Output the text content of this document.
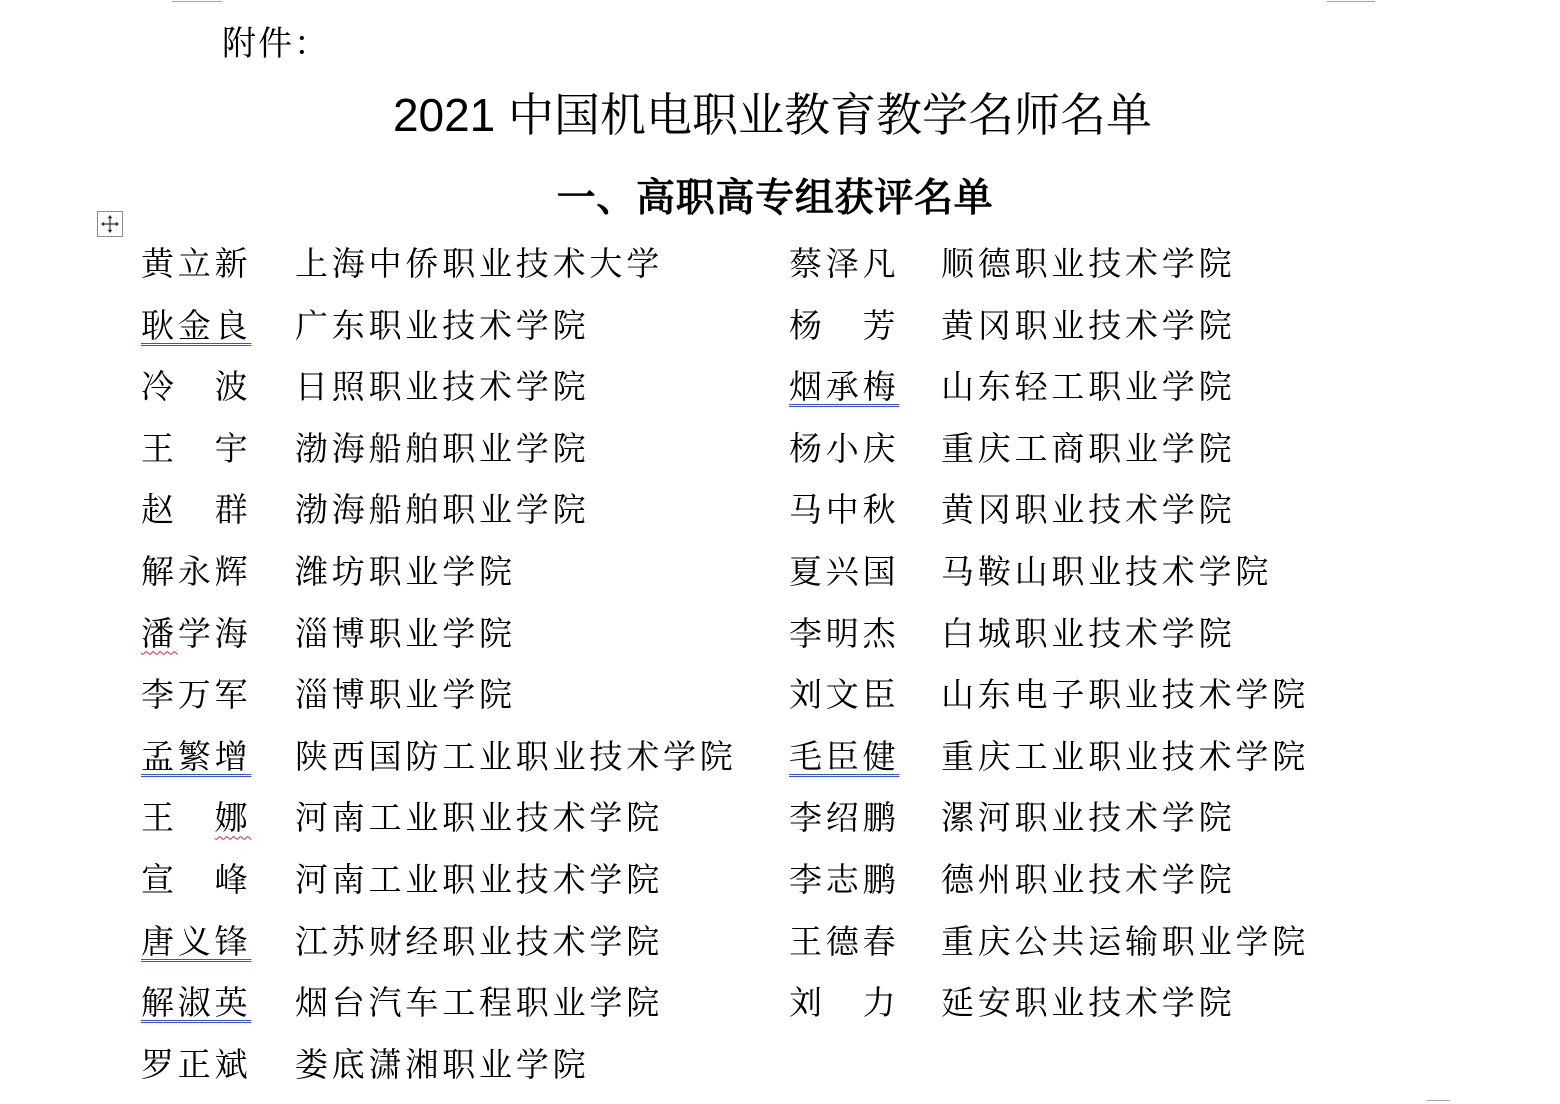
附件：
2021 中国机电职业教育教学名师名单
一、高职高专组获评名单
黄立新 上海中侨职业技术大学	蔡泽凡 顺德职业技术学院
耿金良 广东职业技术学院	杨　芳 黄冈职业技术学院
冷　波 日照职业技术学院	烟承梅 山东轻工职业学院
王　宇 渤海船舶职业学院	杨小庆 重庆工商职业学院
赵　群 渤海船舶职业学院	马中秋 黄冈职业技术学院
解永辉 潍坊职业学院	夏兴国 马鞍山职业技术学院
潘学海 淄博职业学院	李明杰 白城职业技术学院
李万军 淄博职业学院	刘文臣 山东电子职业技术学院
孟繁增 陕西国防工业职业技术学院 毛臣健 重庆工业职业技术学院
王　 娜 河南工业职业技术学院	李绍鹏 漯河职业技术学院
宣　峰 河南工业职业技术学院	李志鹏 德州职业技术学院
唐义锋 江苏财经职业技术学院	王德春 重庆公共运输职业学院
解淑英 烟台汽车工程职业学院	刘　力 延安职业技术学院
罗正斌 娄底潇湘职业学院
